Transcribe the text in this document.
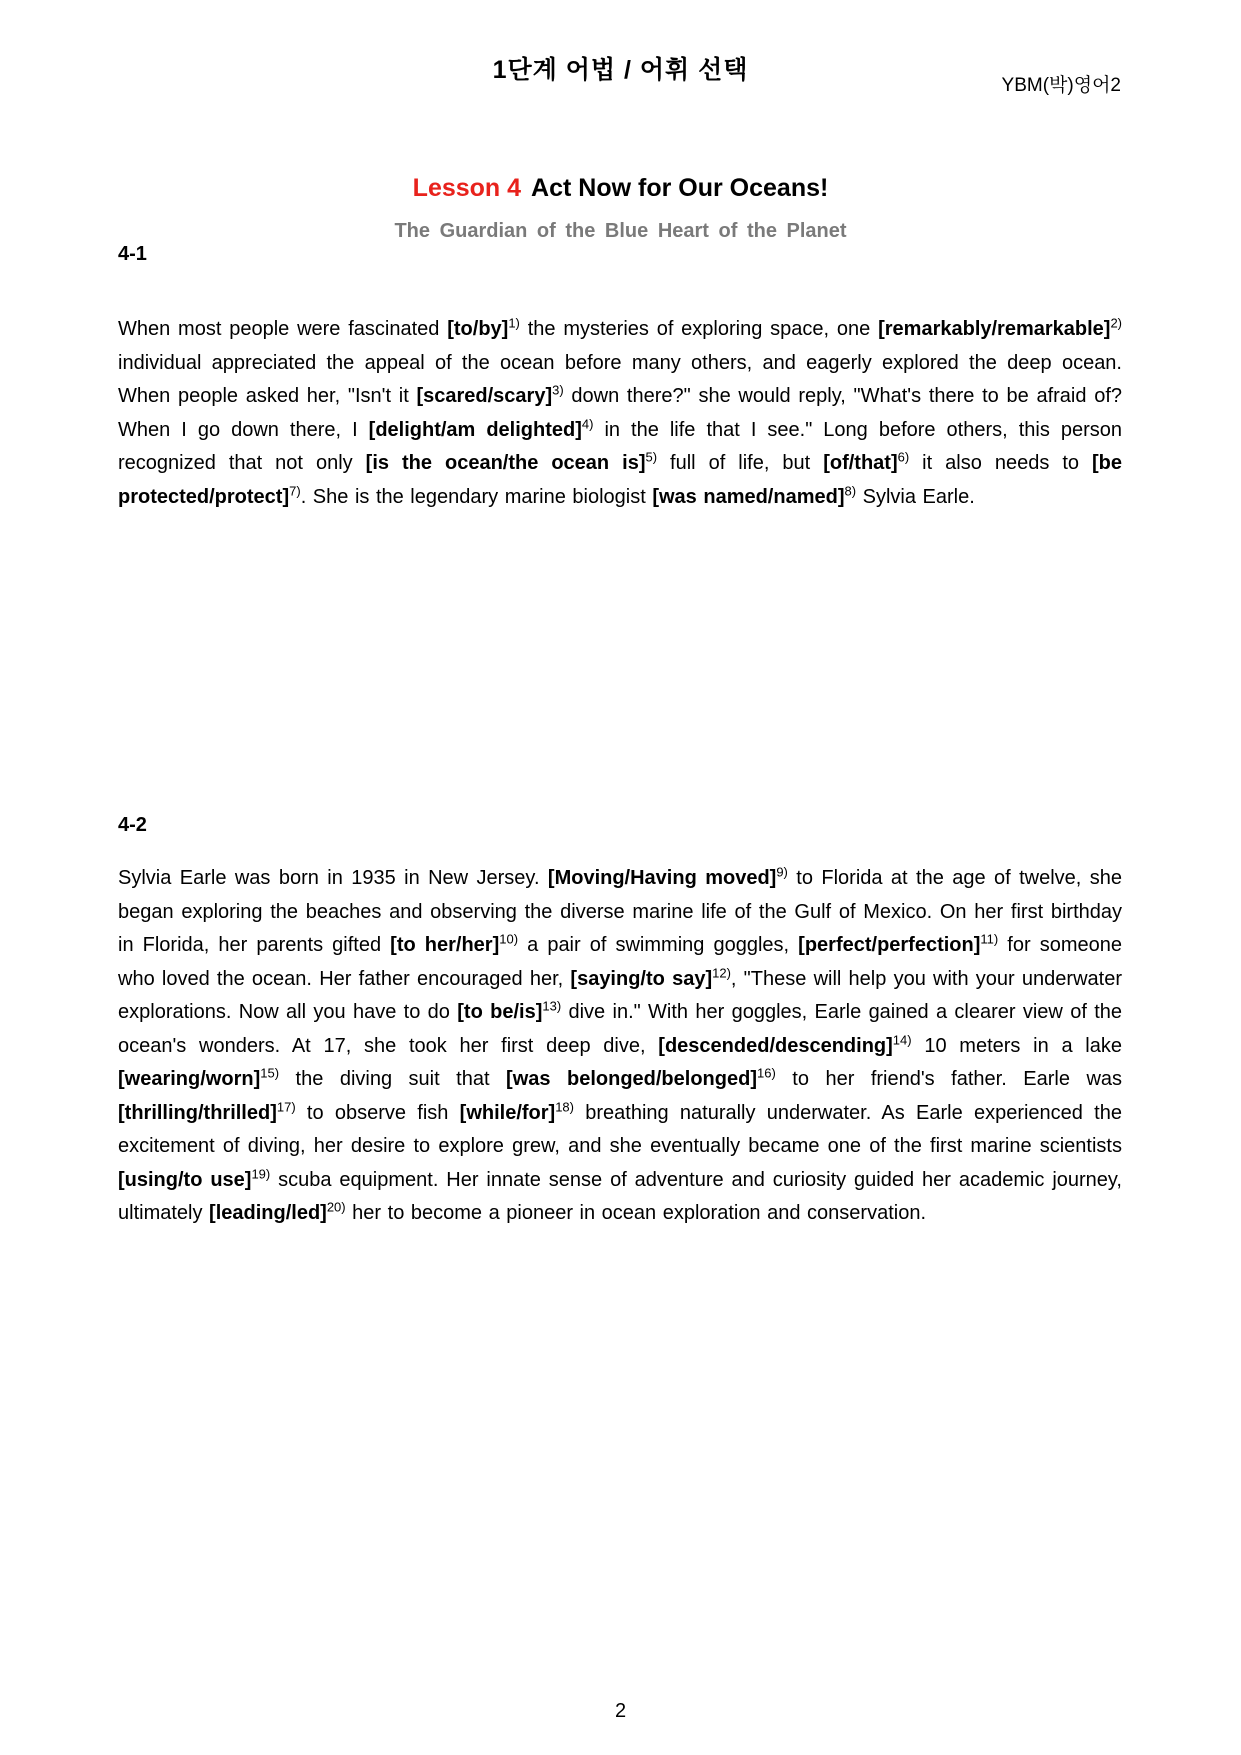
1단계 어법 / 어휘 선택
YBM(박)영어2
Lesson 4 Act Now for Our Oceans!
The Guardian of the Blue Heart of the Planet
4-1
When most people were fascinated $[to/by]^{1)}$ the mysteries of exploring space, one [remarkably/remarkable]$^{2)}$ individual appreciated the appeal of the ocean before many others, and eagerly explored the deep ocean. When people asked her, "Isn't it [scared/scary]$^{3)}$ down there?" she would reply, "What's there to be afraid of? When I go down there, I [delight/am delighted]$^{4)}$ in the life that I see." Long before others, this person recognized that not only [is the ocean/the ocean is]$^{5)}$ full of life, but [of/that]$^{6)}$ it also needs to [be protected/protect]$^{7)}$. She is the legendary marine biologist [was named/named]$^{8)}$ Sylvia Earle.
4-2
Sylvia Earle was born in 1935 in New Jersey. [Moving/Having moved]$^{9)}$ to Florida at the age of twelve, she began exploring the beaches and observing the diverse marine life of the Gulf of Mexico. On her first birthday in Florida, her parents gifted [to her/her]$^{10)}$ a pair of swimming goggles, [perfect/perfection]$^{11)}$ for someone who loved the ocean. Her father encouraged her, [saying/to say]$^{12)}$, "These will help you with your underwater explorations. Now all you have to do [to be/is]$^{13)}$ dive in." With her goggles, Earle gained a clearer view of the ocean's wonders. At 17, she took her first deep dive, [descended/descending]$^{14)}$ 10 meters in a lake [wearing/worn]$^{15)}$ the diving suit that [was belonged/belonged]$^{16)}$ to her friend's father. Earle was [thrilling/thrilled]$^{17)}$ to observe fish [while/for]$^{18)}$ breathing naturally underwater. As Earle experienced the excitement of diving, her desire to explore grew, and she eventually became one of the first marine scientists [using/to use]$^{19)}$ scuba equipment. Her innate sense of adventure and curiosity guided her academic journey, ultimately [leading/led]$^{20)}$ her to become a pioneer in ocean exploration and conservation.
2
